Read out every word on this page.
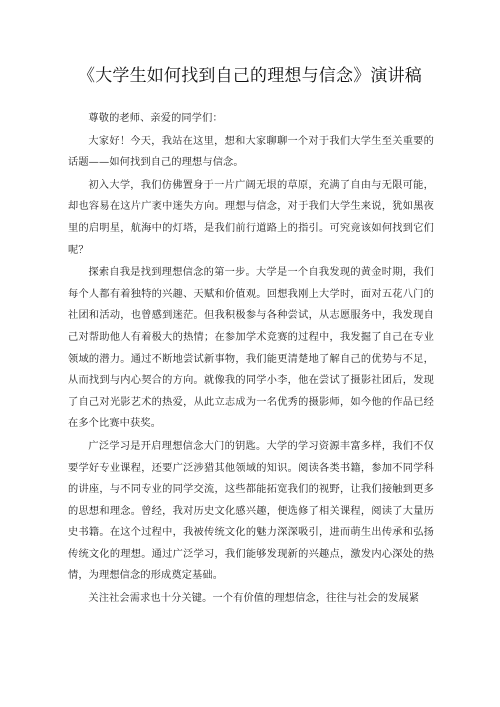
《大学生如何找到自己的理想与信念》演讲稿

尊敬的老师、亲爱的同学们：

大家好！今天，我站在这里，想和大家聊聊一个对于我们大学生至关重要的话题——如何找到自己的理想与信念。

初入大学，我们仿佛置身于一片广阔无垠的草原，充满了自由与无限可能，却也容易在这片广袤中迷失方向。理想与信念，对于我们大学生来说，犹如黑夜里的启明星，航海中的灯塔，是我们前行道路上的指引。可究竟该如何找到它们呢？

探索自我是找到理想信念的第一步。大学是一个自我发现的黄金时期，我们每个人都有着独特的兴趣、天赋和价值观。回想我刚上大学时，面对五花八门的社团和活动，也曾感到迷茫。但我积极参与各种尝试，从志愿服务中，我发现自己对帮助他人有着极大的热情；在参加学术竞赛的过程中，我发掘了自己在专业领域的潜力。通过不断地尝试新事物，我们能更清楚地了解自己的优势与不足，从而找到与内心契合的方向。就像我的同学小李，他在尝试了摄影社团后，发现了自己对光影艺术的热爱，从此立志成为一名优秀的摄影师，如今他的作品已经在多个比赛中获奖。

广泛学习是开启理想信念大门的钥匙。大学的学习资源丰富多样，我们不仅要学好专业课程，还要广泛涉猎其他领域的知识。阅读各类书籍，参加不同学科的讲座，与不同专业的同学交流，这些都能拓宽我们的视野，让我们接触到更多的思想和理念。曾经，我对历史文化感兴趣，便选修了相关课程，阅读了大量历史书籍。在这个过程中，我被传统文化的魅力深深吸引，进而萌生出传承和弘扬传统文化的理想。通过广泛学习，我们能够发现新的兴趣点，激发内心深处的热情，为理想信念的形成奠定基础。

关注社会需求也十分关键。一个有价值的理想信念，往往与社会的发展紧
